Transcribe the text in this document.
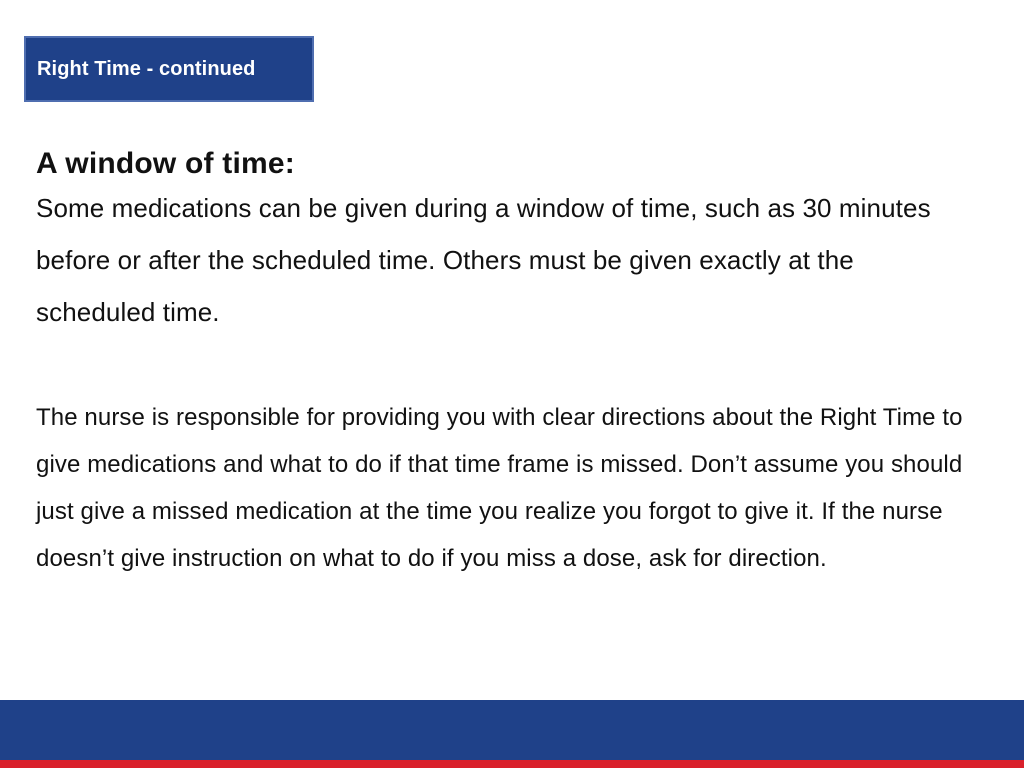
Right Time - continued

A window of time:

Some medications can be given during a window of time, such as 30 minutes before or after the scheduled time. Others must be given exactly at the scheduled time.

The nurse is responsible for providing you with clear directions about the Right Time to give medications and what to do if that time frame is missed. Don’t assume you should just give a missed medication at the time you realize you forgot to give it. If the nurse doesn’t give instruction on what to do if you miss a dose, ask for direction.
